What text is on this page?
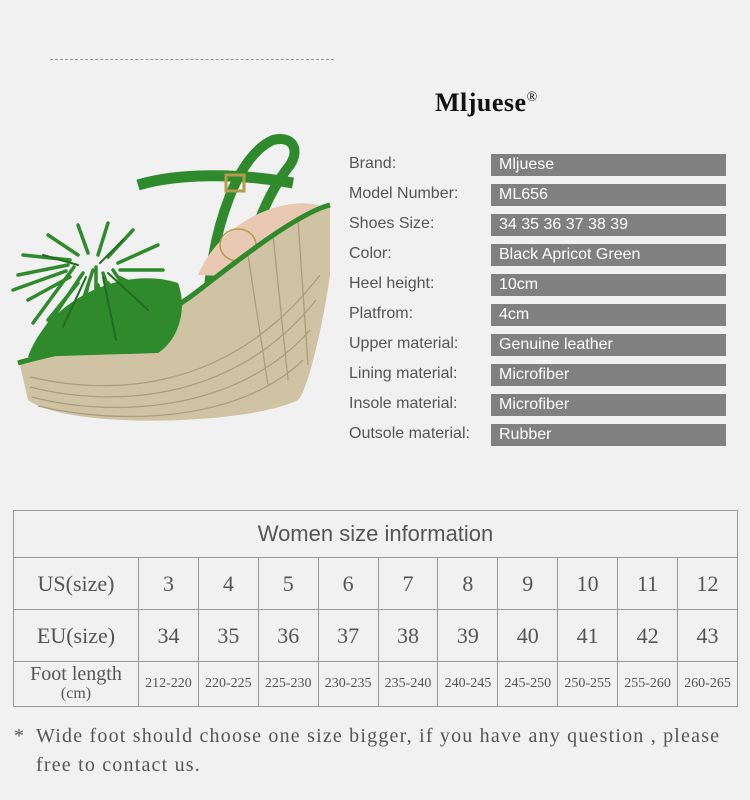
Mljuese®
Brand:	Mljuese
Model Number:	ML656
Shoes Size:	34 35 36 37 38 39
Color:	Black Apricot Green
Heel height:	10cm
Platfrom:	4cm
Upper material:	Genuine leather
Lining material:	Microfiber
Insole material:	Microfiber
Outsole material:	Rubber
Women size information										
US(size)	3	4	5	6	7	8	9	10	11	12
EU(size)	34	35	36	37	38	39	40	41	42	43
Foot length
(cm)	212-220	220-225	225-230	230-235	235-240	240-245	245-250	250-255	255-260	260-265
* Wide foot should choose one size bigger, if you have any question , please free to contact us.
